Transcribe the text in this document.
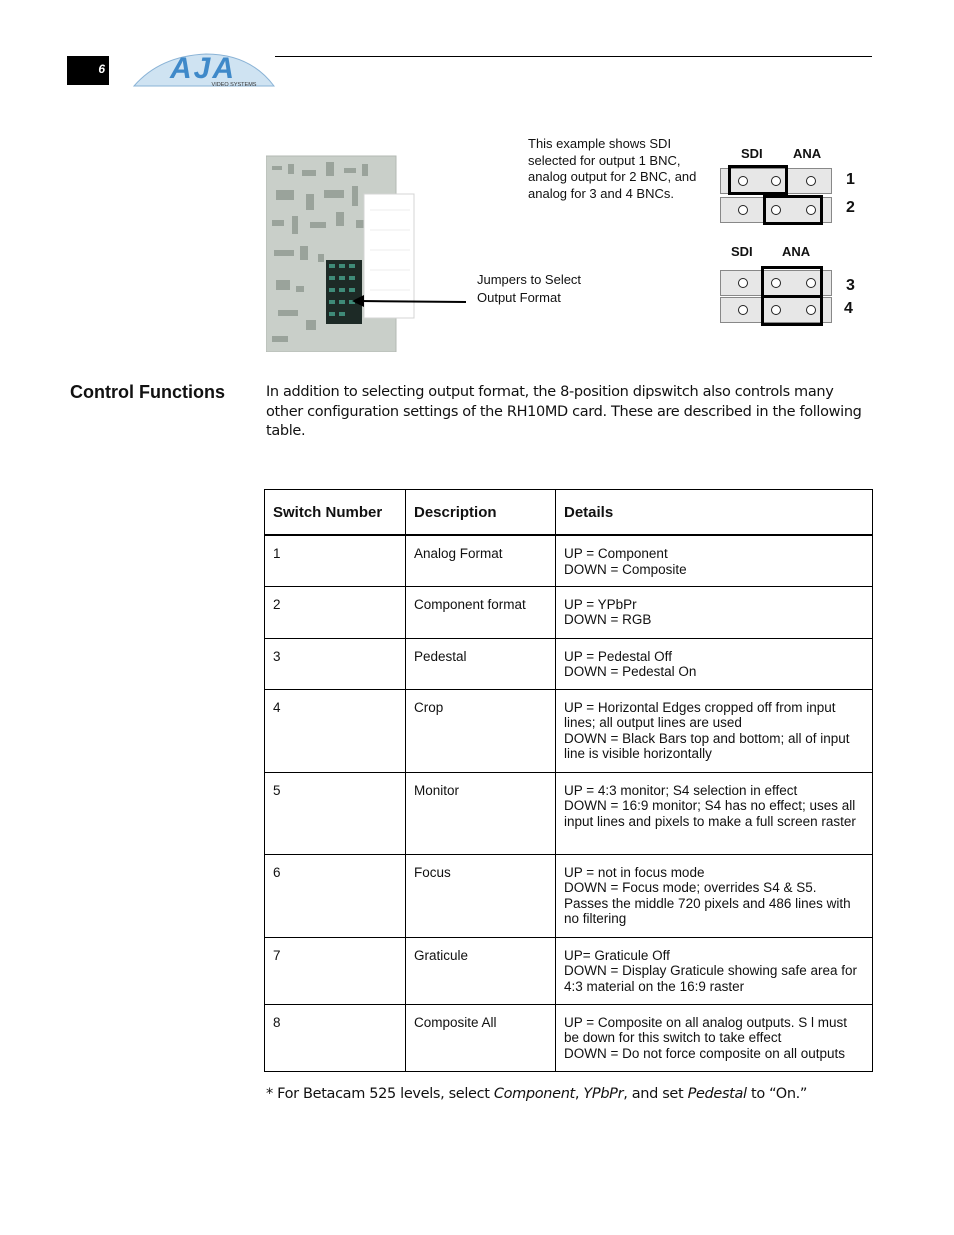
6 AJA
VIDEO SYSTEMS
This example shows SDI selected for output 1 BNC, analog output for 2 BNC, and analog for 3 and 4 BNCs.
Jumpers to Select Output Format
SDI ANA
1
2
SDI ANA
3
4
Control Functions	In addition to selecting output format, the 8-position dipswitch also controls many other configuration settings of the RH10MD card. These are described in the following table.
Switch Number	Description	Details
1	Analog Format	UP = Component
DOWN = Composite
2	Component format	UP = YPbPr
DOWN = RGB
3	Pedestal	UP = Pedestal Off
DOWN = Pedestal On
4	Crop	UP = Horizontal Edges cropped off from input lines; all output lines are used
DOWN = Black Bars top and bottom; all of input line is visible horizontally
5	Monitor	UP = 4:3 monitor; S4 selection in effect
DOWN = 16:9 monitor; S4 has no effect; uses all input lines and pixels to make a full screen raster
6	Focus	UP = not in focus mode
DOWN = Focus mode; overrides S4 & S5. Passes the middle 720 pixels and 486 lines with no filtering
7	Graticule	UP= Graticule Off
DOWN = Display Graticule showing safe area for 4:3 material on the 16:9 raster
8	Composite All	UP = Composite on all analog outputs. S l must be down for this switch to take effect
DOWN = Do not force composite on all outputs
* For Betacam 525 levels, select Component, YPbPr, and set Pedestal to “On.”
